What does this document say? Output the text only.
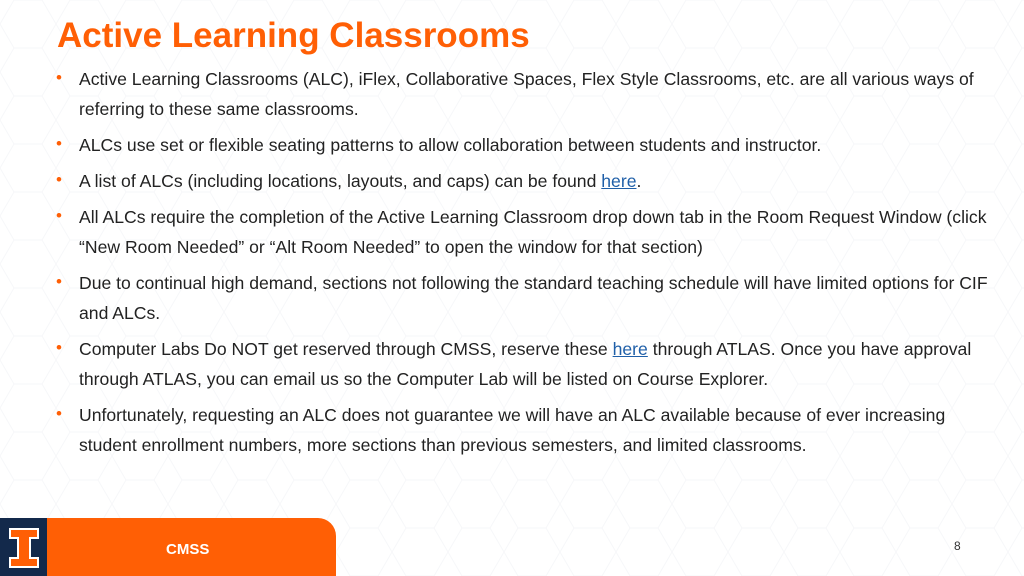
Active Learning Classrooms
• Active Learning Classrooms (ALC), iFlex, Collaborative Spaces, Flex Style Classrooms, etc. are all various ways of referring to these same classrooms.
• ALCs use set or flexible seating patterns to allow collaboration between students and instructor.
• A list of ALCs (including locations, layouts, and caps) can be found here.
• All ALCs require the completion of the Active Learning Classroom drop down tab in the Room Request Window (click “New Room Needed” or “Alt Room Needed” to open the window for that section)
• Due to continual high demand, sections not following the standard teaching schedule will have limited options for CIF and ALCs.
• Computer Labs Do NOT get reserved through CMSS, reserve these here through ATLAS. Once you have approval through ATLAS, you can email us so the Computer Lab will be listed on Course Explorer.
• Unfortunately, requesting an ALC does not guarantee we will have an ALC available because of ever increasing student enrollment numbers, more sections than previous semesters, and limited classrooms.
CMSS	8
